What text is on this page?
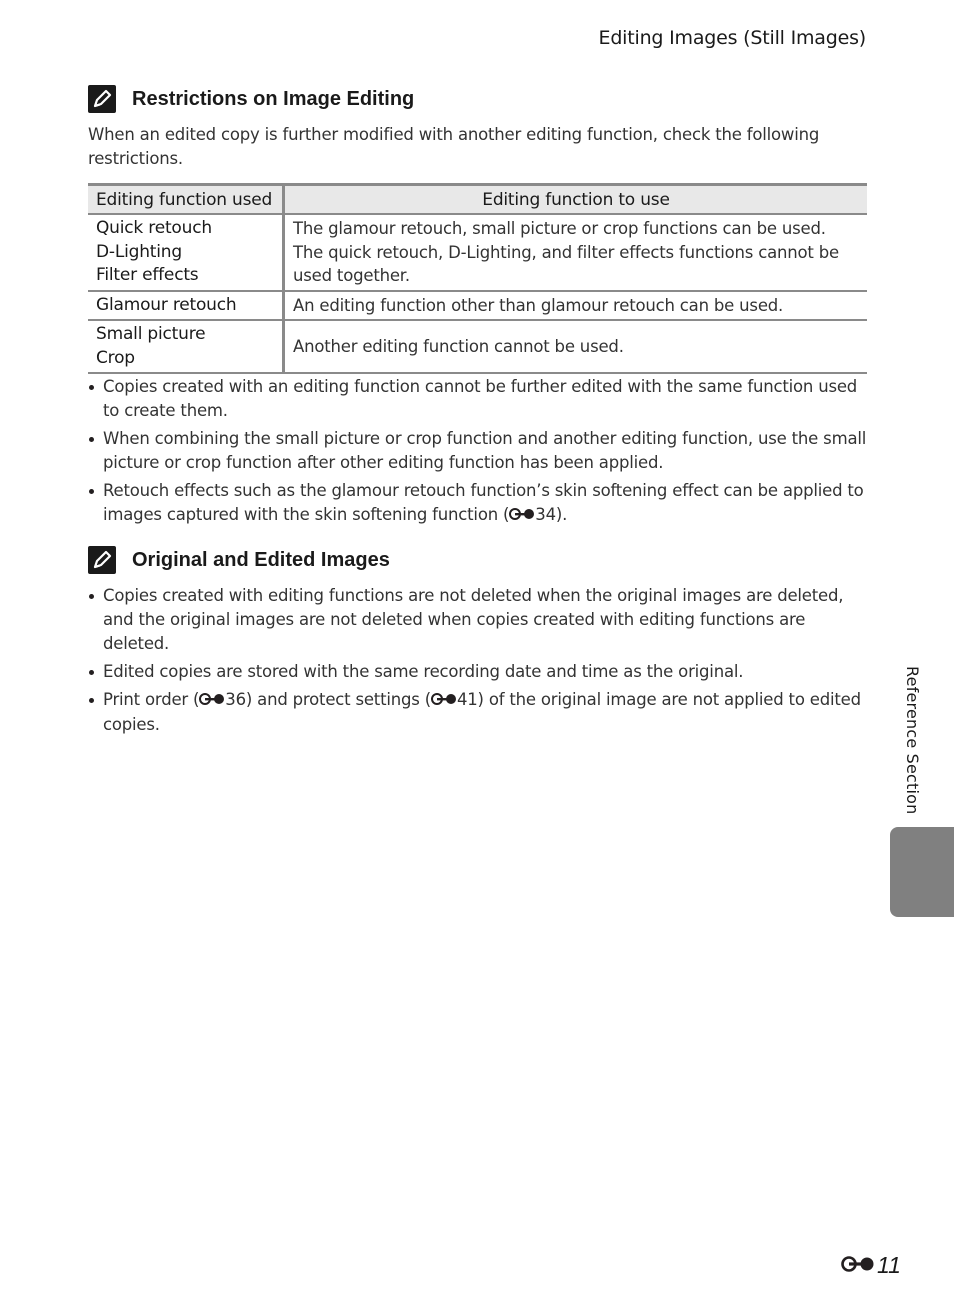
Editing Images (Still Images)
Restrictions on Image Editing
When an edited copy is further modified with another editing function, check the following restrictions.
Editing function used	Editing function to use

Quick retouch
D-Lighting
Filter effects	The glamour retouch, small picture or crop functions can be used. The quick retouch, D-Lighting, and filter effects functions cannot be used together.

Glamour retouch	An editing function other than glamour retouch can be used.

Small picture
Crop	Another editing function cannot be used.
Copies created with an editing function cannot be further edited with the same function used to create them.
When combining the small picture or crop function and another editing function, use the small picture or crop function after other editing function has been applied.
Retouch effects such as the glamour retouch function’s skin softening effect can be applied to images captured with the skin softening function ( 34).
Original and Edited Images
Copies created with editing functions are not deleted when the original images are deleted, and the original images are not deleted when copies created with editing functions are deleted.
Edited copies are stored with the same recording date and time as the original.
Print order ( 36) and protect settings ( 41) of the original image are not applied to edited copies.	Reference Section
11
